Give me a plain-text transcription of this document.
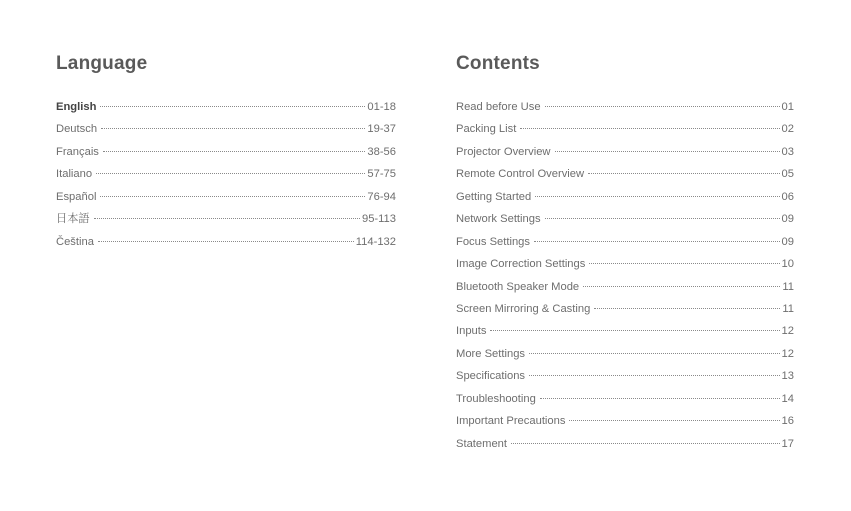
Language
English	01-18
Deutsch	19-37
Français	38-56
Italiano	57-75
Español	76-94
日本語	95-113
Čeština	114-132
Contents
Read before Use	01
Packing List	02
Projector Overview	03
Remote Control Overview	05
Getting Started	06
Network Settings	09
Focus Settings	09
Image Correction Settings	10
Bluetooth Speaker Mode	11
Screen Mirroring & Casting	11
Inputs	12
More Settings	12
Specifications	13
Troubleshooting	14
Important Precautions	16
Statement	17
